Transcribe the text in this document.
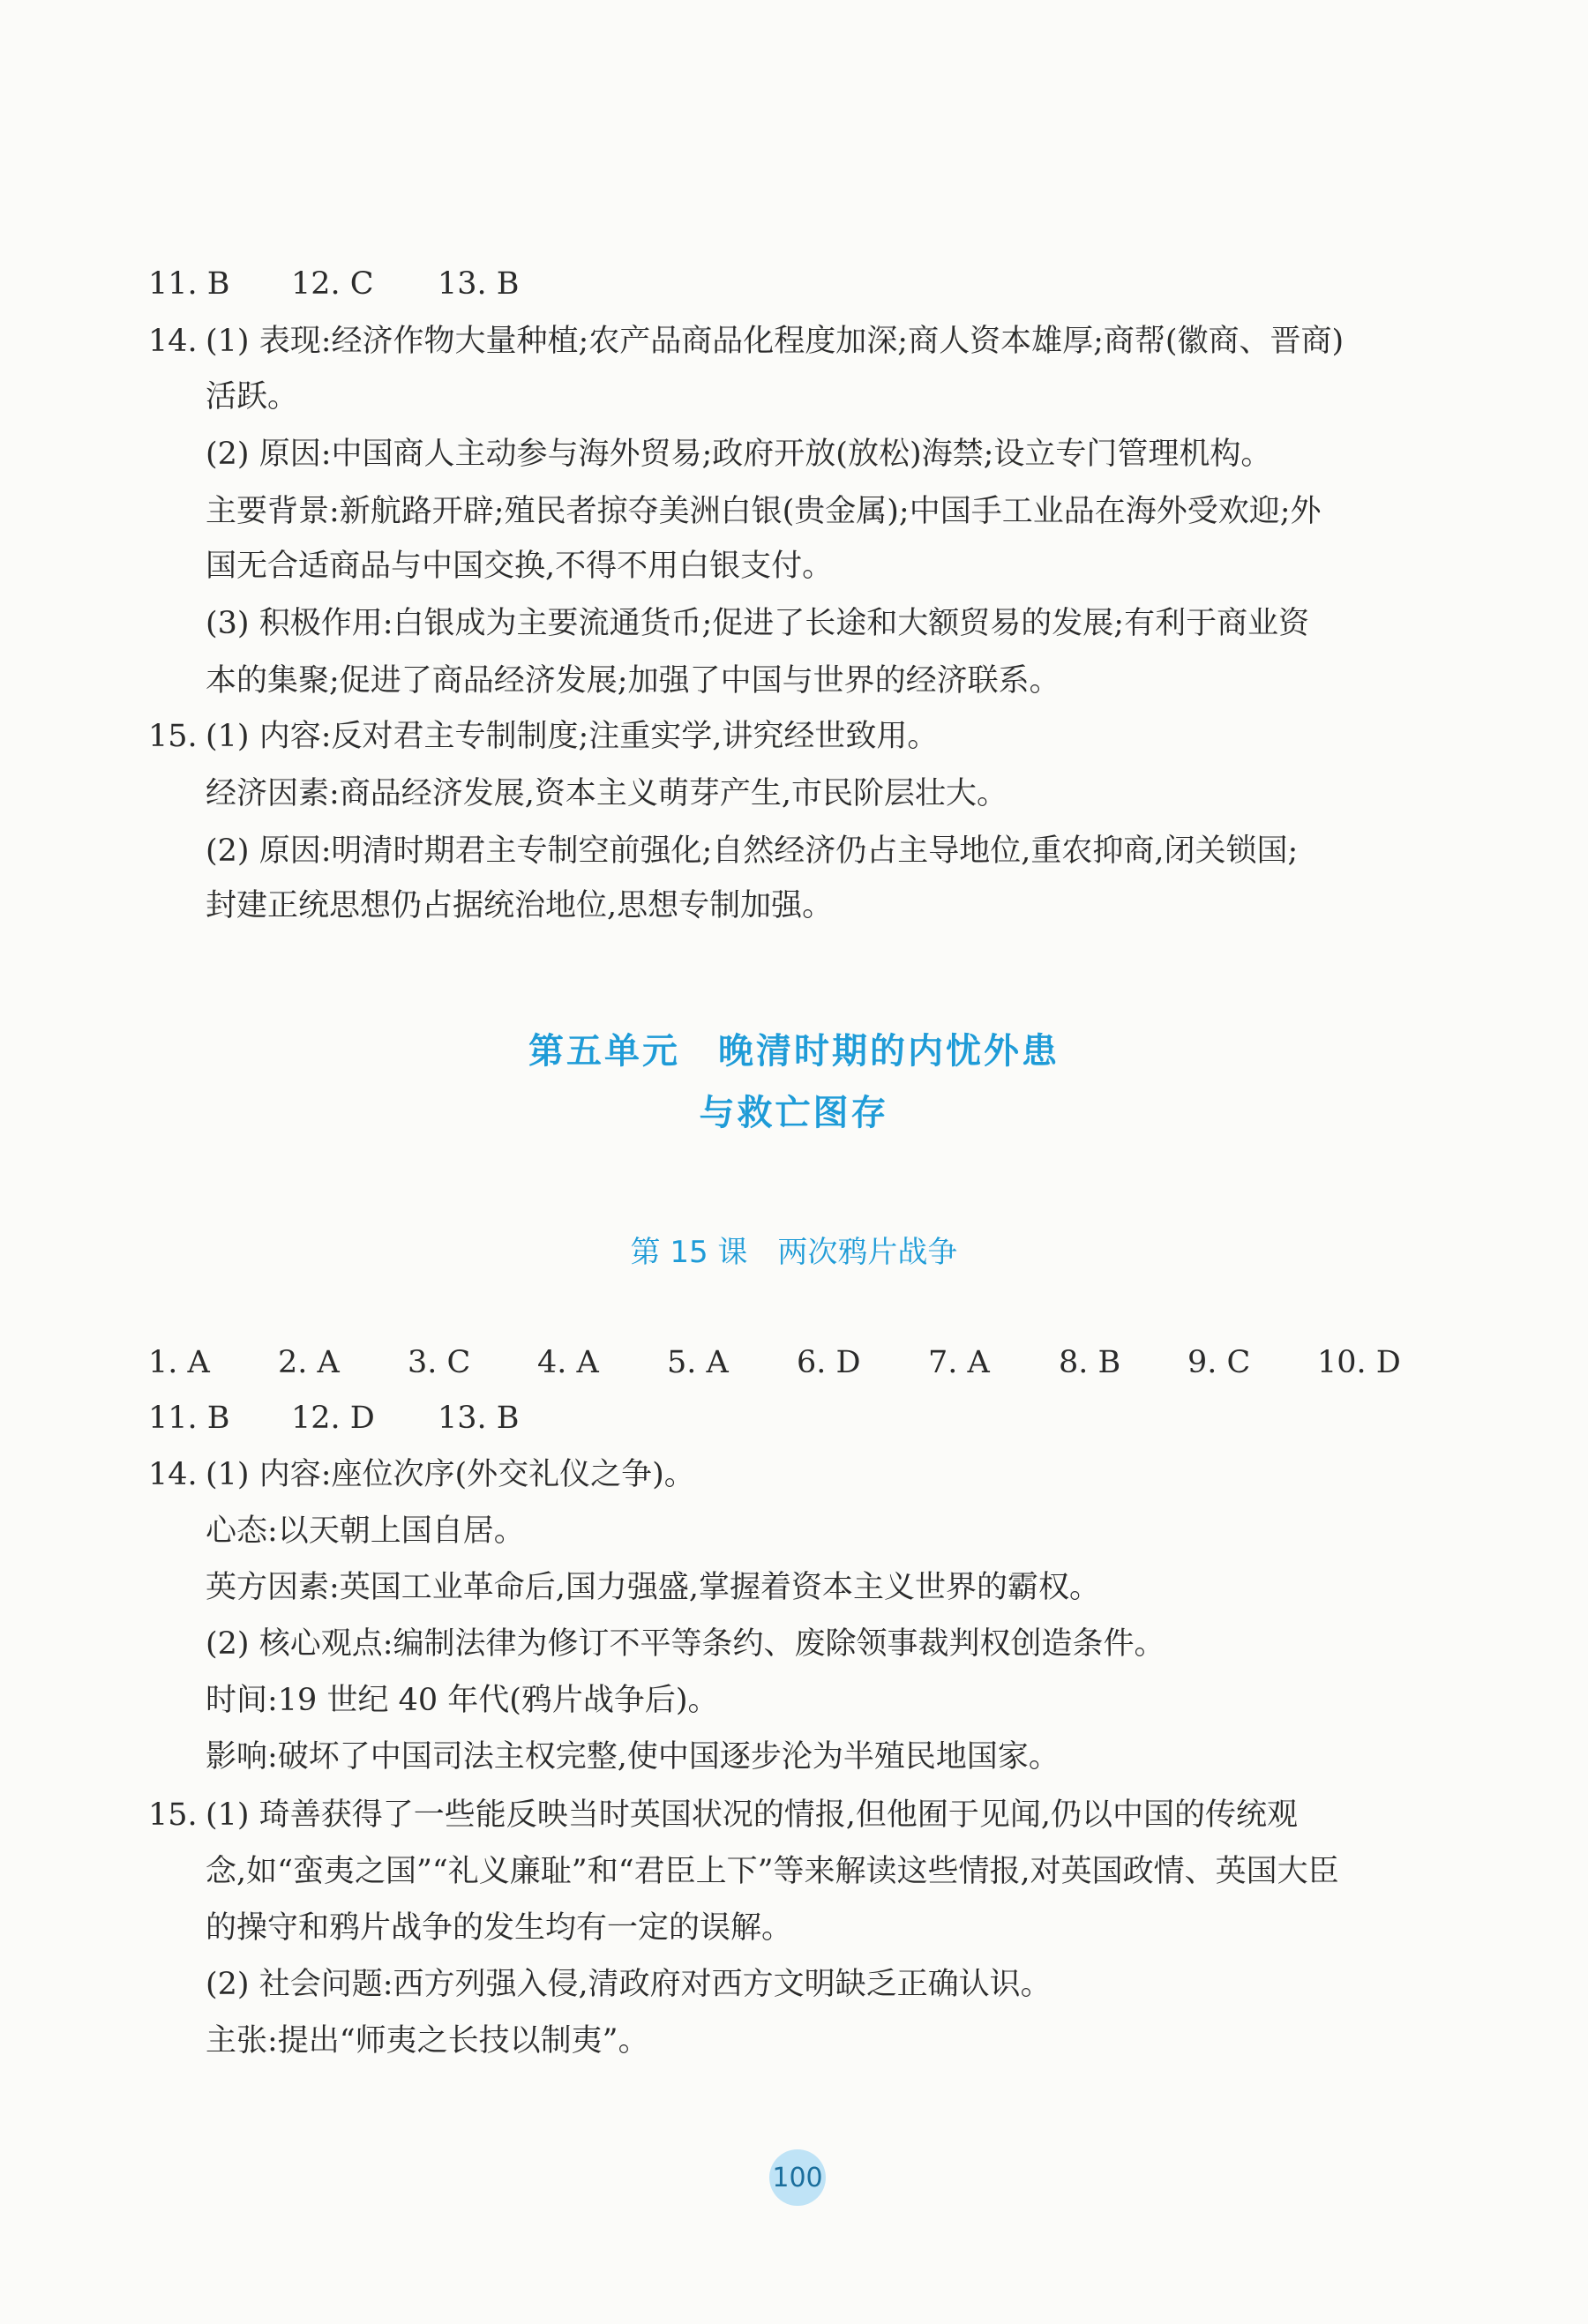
11. B 12. C 13. B
14. (1) 表现:经济作物大量种植;农产品商品化程度加深;商人资本雄厚;商帮(徽商、晋商)
活跃。
(2) 原因:中国商人主动参与海外贸易;政府开放(放松)海禁;设立专门管理机构。
主要背景:新航路开辟;殖民者掠夺美洲白银(贵金属);中国手工业品在海外受欢迎;外
国无合适商品与中国交换,不得不用白银支付。
(3) 积极作用:白银成为主要流通货币;促进了长途和大额贸易的发展;有利于商业资
本的集聚;促进了商品经济发展;加强了中国与世界的经济联系。
15. (1) 内容:反对君主专制制度;注重实学,讲究经世致用。
经济因素:商品经济发展,资本主义萌芽产生,市民阶层壮大。
(2) 原因:明清时期君主专制空前强化;自然经济仍占主导地位,重农抑商,闭关锁国;
封建正统思想仍占据统治地位,思想专制加强。
第五单元　晚清时期的内忧外患
与救亡图存
第 15 课　两次鸦片战争
1. A 2. A 3. C 4. A 5. A 6. D 7. A 8. B 9. C 10. D
11. B 12. D 13. B
14. (1) 内容:座位次序(外交礼仪之争)。
心态:以天朝上国自居。
英方因素:英国工业革命后,国力强盛,掌握着资本主义世界的霸权。
(2) 核心观点:编制法律为修订不平等条约、废除领事裁判权创造条件。
时间:19 世纪 40 年代(鸦片战争后)。
影响:破坏了中国司法主权完整,使中国逐步沦为半殖民地国家。
15. (1) 琦善获得了一些能反映当时英国状况的情报,但他囿于见闻,仍以中国的传统观
念,如“蛮夷之国”“礼义廉耻”和“君臣上下”等来解读这些情报,对英国政情、英国大臣
的操守和鸦片战争的发生均有一定的误解。
(2) 社会问题:西方列强入侵,清政府对西方文明缺乏正确认识。
主张:提出“师夷之长技以制夷”。
100
